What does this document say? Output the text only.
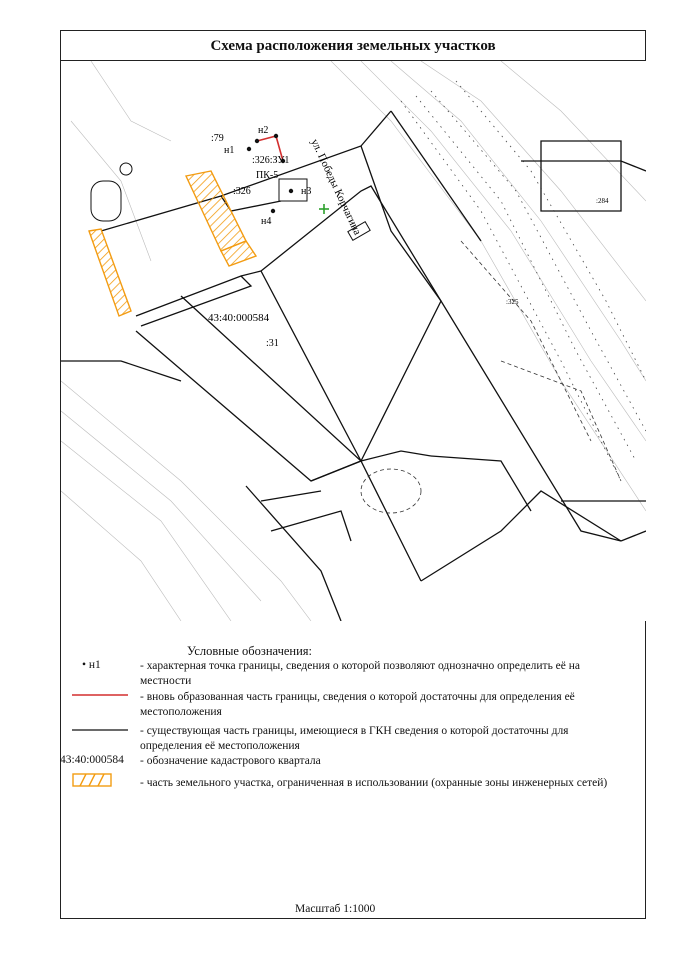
Схема расположения земельных участков
ул. Победы Корчагина
43:40:000584
:79
:326:ЗУ1
:326
:31
:284
:325
н1
н2
н3
н4
ПК-5
Условные обозначения:
• н1	- характерная точка границы, сведения о которой позволяют однозначно определить её на местности
- вновь образованная часть границы, сведения о которой достаточны для определения её местоположения
- существующая часть границы, имеющиеся в ГКН сведения о которой достаточны для определения её местоположения
43:40:000584 - обозначение кадастрового квартала
- часть земельного участка, ограниченная в использовании (охранные зоны инженерных сетей)
Масштаб 1:1000
